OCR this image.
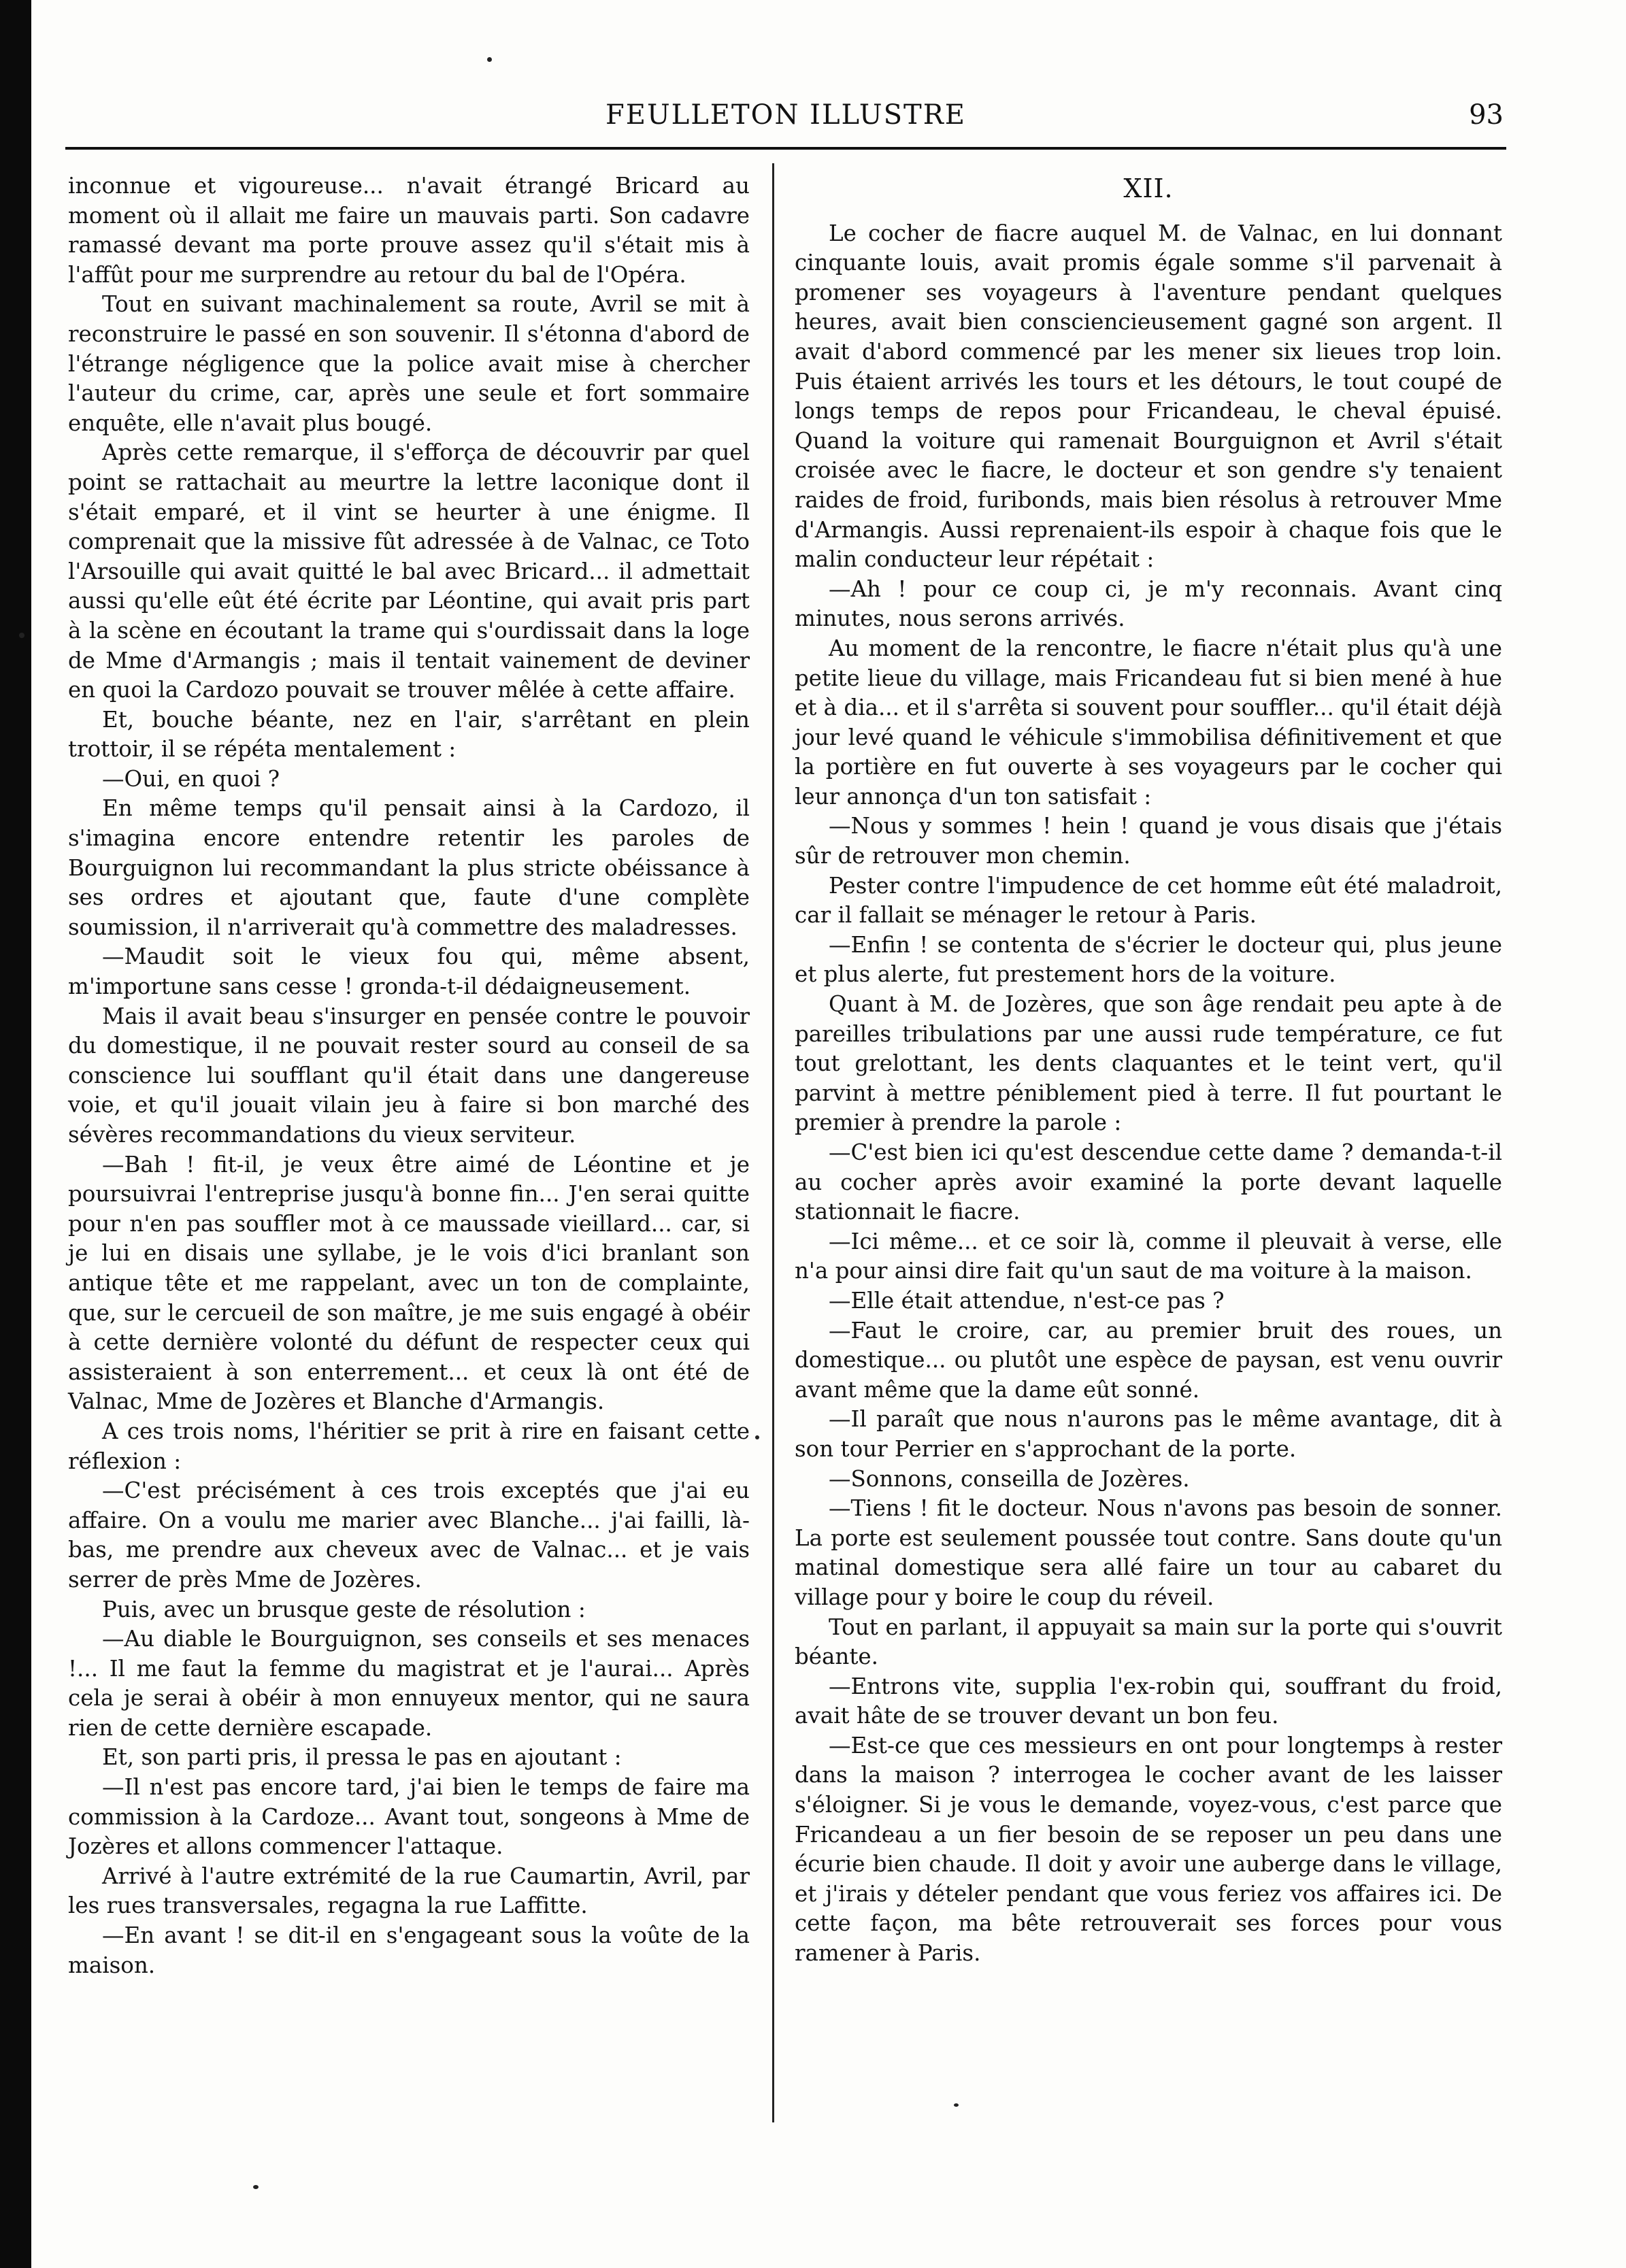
FEULLETON ILLUSTRE	93

inconnue et vigoureuse... n'avait étrangé Bricard au moment où il allait me faire un mauvais parti. Son cadavre ramassé devant ma porte prouve assez qu'il s'était mis à l'affût pour me surprendre au retour du bal de l'Opéra.

Tout en suivant machinalement sa route, Avril se mit à reconstruire le passé en son souvenir. Il s'étonna d'abord de l'étrange négligence que la police avait mise à chercher l'auteur du crime, car, après une seule et fort sommaire enquête, elle n'avait plus bougé.

Après cette remarque, il s'efforça de découvrir par quel point se rattachait au meurtre la lettre laconique dont il s'était emparé, et il vint se heurter à une énigme. Il comprenait que la missive fût adressée à de Valnac, ce Toto l'Arsouille qui avait quitté le bal avec Bricard... il admettait aussi qu'elle eût été écrite par Léontine, qui avait pris part à la scène en écoutant la trame qui s'ourdissait dans la loge de Mme d'Armangis ; mais il tentait vainement de deviner en quoi la Cardozo pouvait se trouver mêlée à cette affaire.

Et, bouche béante, nez en l'air, s'arrêtant en plein trottoir, il se répéta mentalement :

—Oui, en quoi ?

En même temps qu'il pensait ainsi à la Cardozo, il s'imagina encore entendre retentir les paroles de Bourguignon lui recommandant la plus stricte obéissance à ses ordres et ajoutant que, faute d'une complète soumission, il n'arriverait qu'à commettre des maladresses.

—Maudit soit le vieux fou qui, même absent, m'importune sans cesse ! gronda-t-il dédaigneusement.

Mais il avait beau s'insurger en pensée contre le pouvoir du domestique, il ne pouvait rester sourd au conseil de sa conscience lui soufflant qu'il était dans une dangereuse voie, et qu'il jouait vilain jeu à faire si bon marché des sévères recommandations du vieux serviteur.

—Bah ! fit-il, je veux être aimé de Léontine et je poursuivrai l'entreprise jusqu'à bonne fin... J'en serai quitte pour n'en pas souffler mot à ce maussade vieillard... car, si je lui en disais une syllabe, je le vois d'ici branlant son antique tête et me rappelant, avec un ton de complainte, que, sur le cercueil de son maître, je me suis engagé à obéir à cette dernière volonté du défunt de respecter ceux qui assisteraient à son enterrement... et ceux là ont été de Valnac, Mme de Jozères et Blanche d'Armangis.

A ces trois noms, l'héritier se prit à rire en faisant cette réflexion :

—C'est précisément à ces trois exceptés que j'ai eu affaire. On a voulu me marier avec Blanche... j'ai failli, là-bas, me prendre aux cheveux avec de Valnac... et je vais serrer de près Mme de Jozères.

Puis, avec un brusque geste de résolution :

—Au diable le Bourguignon, ses conseils et ses menaces !... Il me faut la femme du magistrat et je l'aurai... Après cela je serai à obéir à mon ennuyeux mentor, qui ne saura rien de cette dernière escapade.

Et, son parti pris, il pressa le pas en ajoutant :

—Il n'est pas encore tard, j'ai bien le temps de faire ma commission à la Cardoze... Avant tout, songeons à Mme de Jozères et allons commencer l'attaque.

Arrivé à l'autre extrémité de la rue Caumartin, Avril, par les rues transversales, regagna la rue Laffitte.

—En avant ! se dit-il en s'engageant sous la voûte de la maison.

XII.

Le cocher de fiacre auquel M. de Valnac, en lui donnant cinquante louis, avait promis égale somme s'il parvenait à promener ses voyageurs à l'aventure pendant quelques heures, avait bien consciencieusement gagné son argent. Il avait d'abord commencé par les mener six lieues trop loin. Puis étaient arrivés les tours et les détours, le tout coupé de longs temps de repos pour Fricandeau, le cheval épuisé. Quand la voiture qui ramenait Bourguignon et Avril s'était croisée avec le fiacre, le docteur et son gendre s'y tenaient raides de froid, furibonds, mais bien résolus à retrouver Mme d'Armangis. Aussi reprenaient-ils espoir à chaque fois que le malin conducteur leur répétait :

—Ah ! pour ce coup ci, je m'y reconnais. Avant cinq minutes, nous serons arrivés.

Au moment de la rencontre, le fiacre n'était plus qu'à une petite lieue du village, mais Fricandeau fut si bien mené à hue et à dia... et il s'arrêta si souvent pour souffler... qu'il était déjà jour levé quand le véhicule s'immobilisa définitivement et que la portière en fut ouverte à ses voyageurs par le cocher qui leur annonça d'un ton satisfait :

—Nous y sommes ! hein ! quand je vous disais que j'étais sûr de retrouver mon chemin.

Pester contre l'impudence de cet homme eût été maladroit, car il fallait se ménager le retour à Paris.

—Enfin ! se contenta de s'écrier le docteur qui, plus jeune et plus alerte, fut prestement hors de la voiture.

Quant à M. de Jozères, que son âge rendait peu apte à de pareilles tribulations par une aussi rude température, ce fut tout grelottant, les dents claquantes et le teint vert, qu'il parvint à mettre péniblement pied à terre. Il fut pourtant le premier à prendre la parole :

—C'est bien ici qu'est descendue cette dame ? demanda-t-il au cocher après avoir examiné la porte devant laquelle stationnait le fiacre.

—Ici même... et ce soir là, comme il pleuvait à verse, elle n'a pour ainsi dire fait qu'un saut de ma voiture à la maison.

—Elle était attendue, n'est-ce pas ?

—Faut le croire, car, au premier bruit des roues, un domestique... ou plutôt une espèce de paysan, est venu ouvrir avant même que la dame eût sonné.

—Il paraît que nous n'aurons pas le même avantage, dit à son tour Perrier en s'approchant de la porte.

—Sonnons, conseilla de Jozères.

—Tiens ! fit le docteur. Nous n'avons pas besoin de sonner. La porte est seulement poussée tout contre. Sans doute qu'un matinal domestique sera allé faire un tour au cabaret du village pour y boire le coup du réveil.

Tout en parlant, il appuyait sa main sur la porte qui s'ouvrit béante.

—Entrons vite, supplia l'ex-robin qui, souffrant du froid, avait hâte de se trouver devant un bon feu.

—Est-ce que ces messieurs en ont pour longtemps à rester dans la maison ? interrogea le cocher avant de les laisser s'éloigner. Si je vous le demande, voyez-vous, c'est parce que Fricandeau a un fier besoin de se reposer un peu dans une écurie bien chaude. Il doit y avoir une auberge dans le village, et j'irais y dételer pendant que vous feriez vos affaires ici. De cette façon, ma bête retrouverait ses forces pour vous ramener à Paris.
